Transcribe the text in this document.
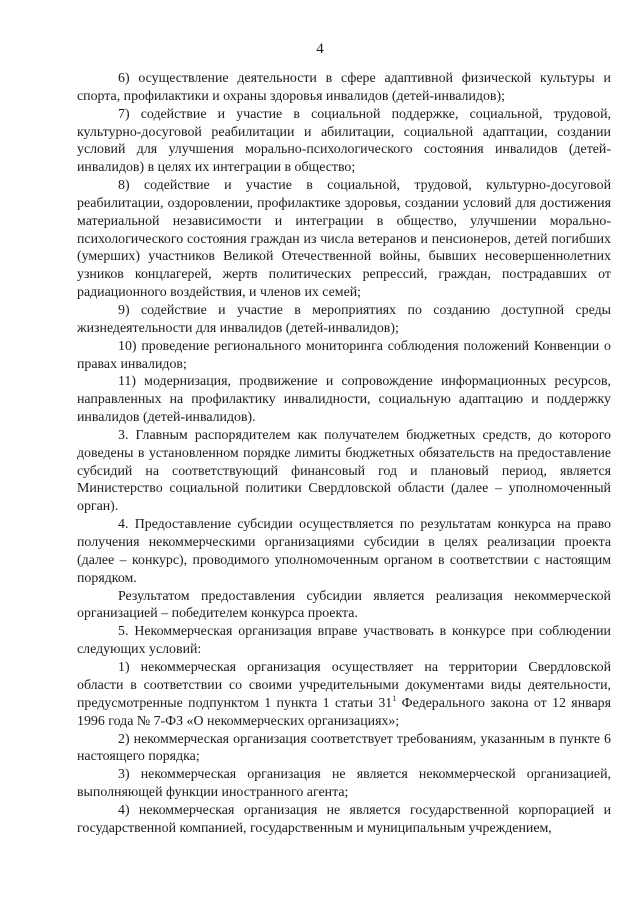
4

6) осуществление деятельности в сфере адаптивной физической культуры и спорта, профилактики и охраны здоровья инвалидов (детей-инвалидов);

7) содействие и участие в социальной поддержке, социальной, трудовой, культурно-досуговой реабилитации и абилитации, социальной адаптации, создании условий для улучшения морально-психологического состояния инвалидов (детей-инвалидов) в целях их интеграции в общество;

8) содействие и участие в социальной, трудовой, культурно-досуговой реабилитации, оздоровлении, профилактике здоровья, создании условий для достижения материальной независимости и интеграции в общество, улучшении морально-психологического состояния граждан из числа ветеранов и пенсионеров, детей погибших (умерших) участников Великой Отечественной войны, бывших несовершеннолетних узников концлагерей, жертв политических репрессий, граждан, пострадавших от радиационного воздействия, и членов их семей;

9) содействие и участие в мероприятиях по созданию доступной среды жизнедеятельности для инвалидов (детей-инвалидов);

10) проведение регионального мониторинга соблюдения положений Конвенции о правах инвалидов;

11) модернизация, продвижение и сопровождение информационных ресурсов, направленных на профилактику инвалидности, социальную адаптацию и поддержку инвалидов (детей-инвалидов).

3. Главным распорядителем как получателем бюджетных средств, до которого доведены в установленном порядке лимиты бюджетных обязательств на предоставление субсидий на соответствующий финансовый год и плановый период, является Министерство социальной политики Свердловской области (далее – уполномоченный орган).

4. Предоставление субсидии осуществляется по результатам конкурса на право получения некоммерческими организациями субсидии в целях реализации проекта (далее – конкурс), проводимого уполномоченным органом в соответствии с настоящим порядком.

Результатом предоставления субсидии является реализация некоммерческой организацией – победителем конкурса проекта.

5. Некоммерческая организация вправе участвовать в конкурсе при соблюдении следующих условий:

1) некоммерческая организация осуществляет на территории Свердловской области в соответствии со своими учредительными документами виды деятельности, предусмотренные подпунктом 1 пункта 1 статьи $31^1$ Федерального закона от 12 января 1996 года № 7-ФЗ «О некоммерческих организациях»;

2) некоммерческая организация соответствует требованиям, указанным в пункте 6 настоящего порядка;

3) некоммерческая организация не является некоммерческой организацией, выполняющей функции иностранного агента;

4) некоммерческая организация не является государственной корпорацией и государственной компанией, государственным и муниципальным учреждением,
